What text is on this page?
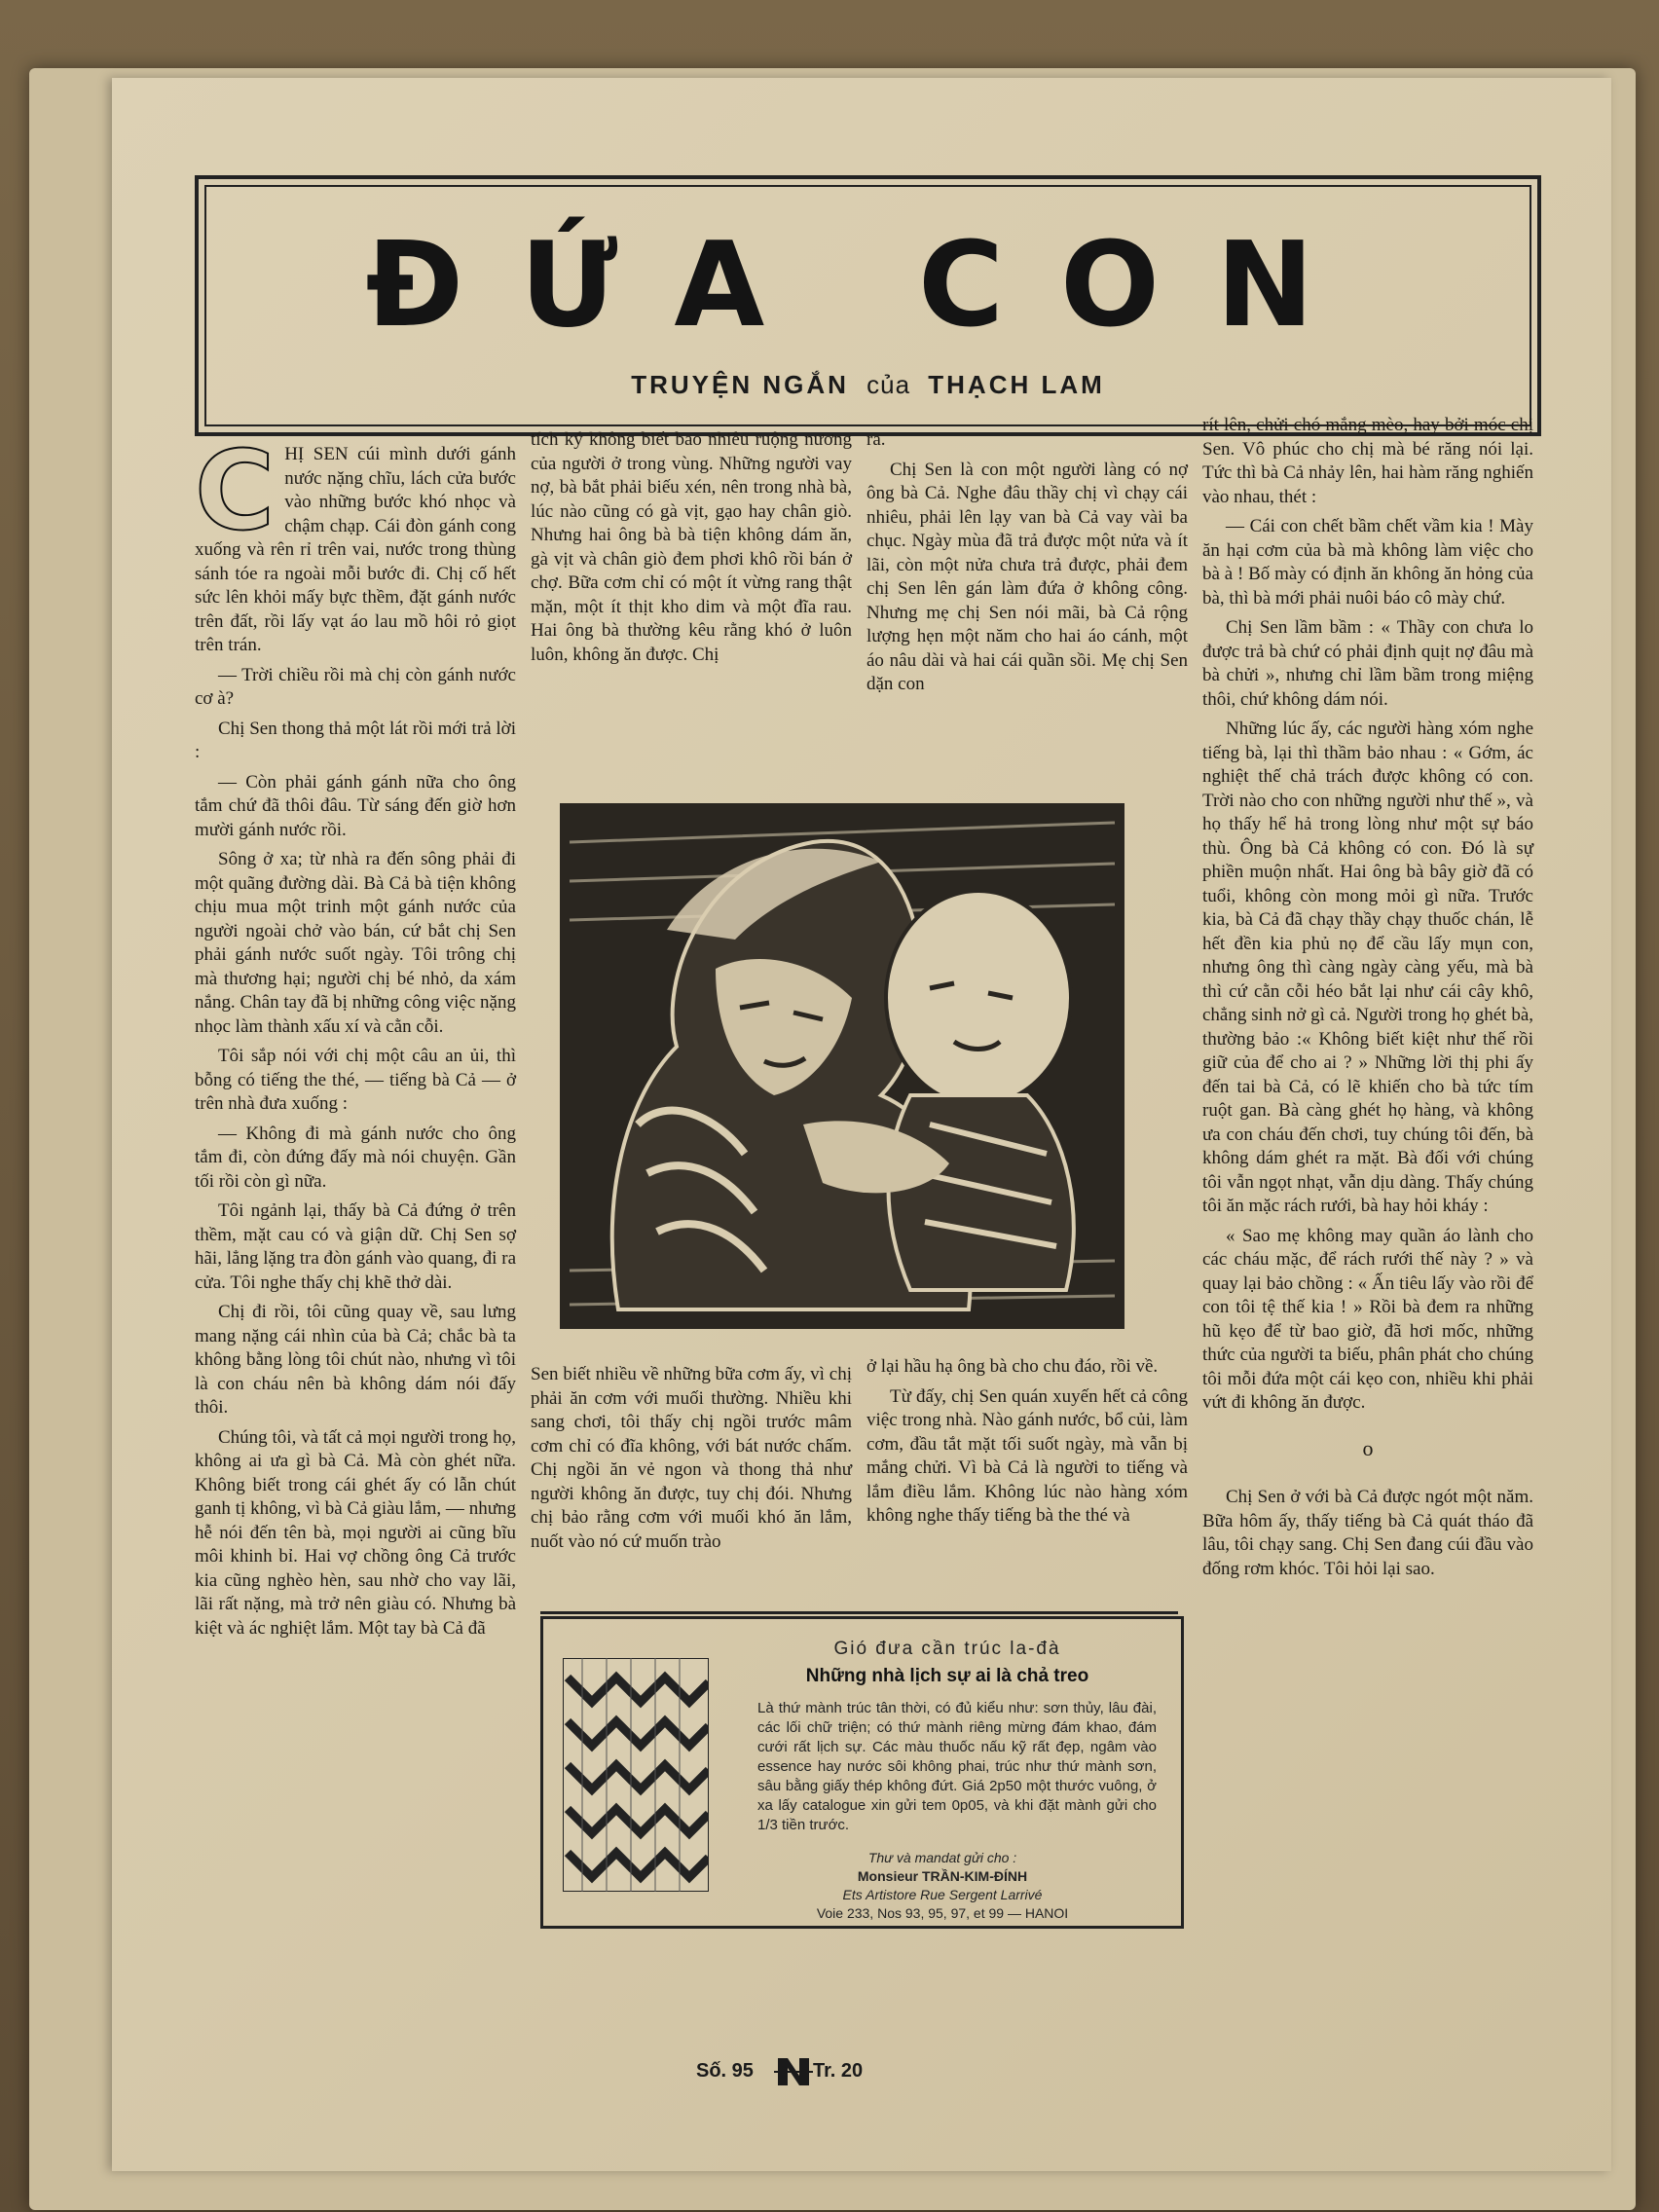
ĐỨA CON
TRUYỆN NGẮN của THẠCH LAM

CHỊ SEN cúi mình dưới gánh nước nặng chĩu, lách cửa bước vào những bước khó nhọc và chậm chạp. Cái đòn gánh cong xuống và rên rỉ trên vai, nước trong thùng sánh tóe ra ngoài mỗi bước đi. Chị cố hết sức lên khỏi mấy bực thềm, đặt gánh nước trên đất, rồi lấy vạt áo lau mồ hôi rỏ giọt trên trán.

— Trời chiều rồi mà chị còn gánh nước cơ à?

Chị Sen thong thả một lát rồi mới trả lời :

— Còn phải gánh gánh nữa cho ông tắm chứ đã thôi đâu. Từ sáng đến giờ hơn mười gánh nước rồi.

Sông ở xa; từ nhà ra đến sông phải đi một quãng đường dài. Bà Cả bà tiện không chịu mua một trinh một gánh nước của người ngoài chở vào bán, cứ bắt chị Sen phải gánh nước suốt ngày. Tôi trông chị mà thương hại; người chị bé nhỏ, da xám nắng. Chân tay đã bị những công việc nặng nhọc làm thành xấu xí và cằn cỗi.

Tôi sắp nói với chị một câu an ủi, thì bỗng có tiếng the thé, — tiếng bà Cả — ở trên nhà đưa xuống :

— Không đi mà gánh nước cho ông tắm đi, còn đứng đấy mà nói chuyện. Gần tối rồi còn gì nữa.

Tôi ngảnh lại, thấy bà Cả đứng ở trên thềm, mặt cau có và giận dữ. Chị Sen sợ hãi, lẳng lặng tra đòn gánh vào quang, đi ra cửa. Tôi nghe thấy chị khẽ thở dài.

Chị đi rồi, tôi cũng quay về, sau lưng mang nặng cái nhìn của bà Cả; chắc bà ta không bằng lòng tôi chút nào, nhưng vì tôi là con cháu nên bà không dám nói đấy thôi.

Chúng tôi, và tất cả mọi người trong họ, không ai ưa gì bà Cả. Mà còn ghét nữa. Không biết trong cái ghét ấy có lẫn chút ganh tị không, vì bà Cả giàu lắm, — nhưng hễ nói đến tên bà, mọi người ai cũng bĩu môi khinh bỉ. Hai vợ chồng ông Cả trước kia cũng nghèo hèn, sau nhờ cho vay lãi, lãi rất nặng, mà trở nên giàu có. Nhưng bà kiệt và ác nghiệt lắm. Một tay bà Cả đã

tích ký không biết bao nhiêu ruộng nương của người ở trong vùng. Những người vay nợ, bà bắt phải biếu xén, nên trong nhà bà, lúc nào cũng có gà vịt, gạo hay chân giò. Nhưng hai ông bà bà tiện không dám ăn, gà vịt và chân giò đem phơi khô rồi bán ở chợ. Bữa cơm chỉ có một ít vừng rang thật mặn, một ít thịt kho dim và một đĩa rau. Hai ông bà thường kêu rằng khó ở luôn luôn, không ăn được. Chị

ra.

Chị Sen là con một người làng có nợ ông bà Cả. Nghe đâu thầy chị vì chạy cái nhiêu, phải lên lạy van bà Cả vay vài ba chục. Ngày mùa đã trả được một nửa và ít lãi, còn một nửa chưa trả được, phải đem chị Sen lên gán làm đứa ở không công. Nhưng mẹ chị Sen nói mãi, bà Cả rộng lượng hẹn một năm cho hai áo cánh, một áo nâu dài và hai cái quần sồi. Mẹ chị Sen dặn con

Sen biết nhiều về những bữa cơm ấy, vì chị phải ăn cơm với muối thường. Nhiều khi sang chơi, tôi thấy chị ngồi trước mâm cơm chỉ có đĩa không, với bát nước chấm. Chị ngồi ăn vẻ ngon và thong thả như người không ăn được, tuy chị đói. Nhưng chị bảo rằng cơm với muối khó ăn lắm, nuốt vào nó cứ muốn trào

ở lại hầu hạ ông bà cho chu đáo, rồi về.

Từ đấy, chị Sen quán xuyến hết cả công việc trong nhà. Nào gánh nước, bổ củi, làm cơm, đầu tắt mặt tối suốt ngày, mà vẫn bị mắng chửi. Vì bà Cả là người to tiếng và lắm điều lắm. Không lúc nào hàng xóm không nghe thấy tiếng bà the thé và

rít lên, chửi chó mắng mèo, hay bởi móc chị Sen. Vô phúc cho chị mà bé răng nói lại. Tức thì bà Cả nhảy lên, hai hàm răng nghiến vào nhau, thét :

— Cái con chết bầm chết vầm kia ! Mày ăn hại cơm của bà mà không làm việc cho bà à ! Bố mày có định ăn không ăn hỏng của bà, thì bà mới phải nuôi báo cô mày chứ.

Chị Sen lầm bầm : « Thầy con chưa lo được trả bà chứ có phải định quịt nợ đâu mà bà chửi », nhưng chỉ lầm bầm trong miệng thôi, chứ không dám nói.

Những lúc ấy, các người hàng xóm nghe tiếng bà, lại thì thầm bảo nhau : « Gớm, ác nghiệt thế chả trách được không có con. Trời nào cho con những người như thế », và họ thấy hể hả trong lòng như một sự báo thù. Ông bà Cả không có con. Đó là sự phiền muộn nhất. Hai ông bà bây giờ đã có tuổi, không còn mong mỏi gì nữa. Trước kia, bà Cả đã chạy thầy chạy thuốc chán, lễ hết đền kia phủ nọ để cầu lấy mụn con, nhưng ông thì càng ngày càng yếu, mà bà thì cứ cằn cỗi héo bắt lại như cái cây khô, chẳng sinh nở gì cả. Người trong họ ghét bà, thường bảo :« Không biết kiệt như thế rồi giữ của để cho ai ? » Những lời thị phi ấy đến tai bà Cả, có lẽ khiến cho bà tức tím ruột gan. Bà càng ghét họ hàng, và không ưa con cháu đến chơi, tuy chúng tôi đến, bà không dám ghét ra mặt. Bà đối với chúng tôi vẫn ngọt nhạt, vẫn dịu dàng. Thấy chúng tôi ăn mặc rách rưới, bà hay hỏi kháy :

« Sao mẹ không may quần áo lành cho các cháu mặc, để rách rưới thế này ? » và quay lại bảo chồng : « Ấn tiêu lấy vào rồi để con tôi tệ thế kia ! » Rồi bà đem ra những hũ kẹo để từ bao giờ, đã hơi mốc, những thức của người ta biếu, phân phát cho chúng tôi mỗi đứa một cái kẹo con, nhiều khi phải vứt đi không ăn được.

o

Chị Sen ở với bà Cả được ngót một năm. Bữa hôm ấy, thấy tiếng bà Cả quát tháo đã lâu, tôi chạy sang. Chị Sen đang cúi đầu vào đống rơm khóc. Tôi hỏi lại sao.

Gió đưa cần trúc la-đà
Những nhà lịch sự ai là chả treo
Là thứ mành trúc tân thời, có đủ kiểu như: sơn thủy, lâu đài, các lối chữ triện; có thứ mành riêng mừng đám khao, đám cưới rất lịch sự. Các màu thuốc nấu kỹ rất đẹp, ngâm vào essence hay nước sôi không phai, trúc như thứ mành sơn, sâu bằng giấy thép không đứt. Giá 2p50 một thước vuông, ở xa lấy catalogue xin gửi tem 0p05, và khi đặt mành gửi cho 1/3 tiền trước.
Thư và mandat gửi cho :
Monsieur TRẦN-KIM-ĐÍNH
Ets Artistore Rue Sergent Larrivé
Voie 233, Nos 93, 95, 97, et 99 — HANOI
Số. 95	Tr. 20
